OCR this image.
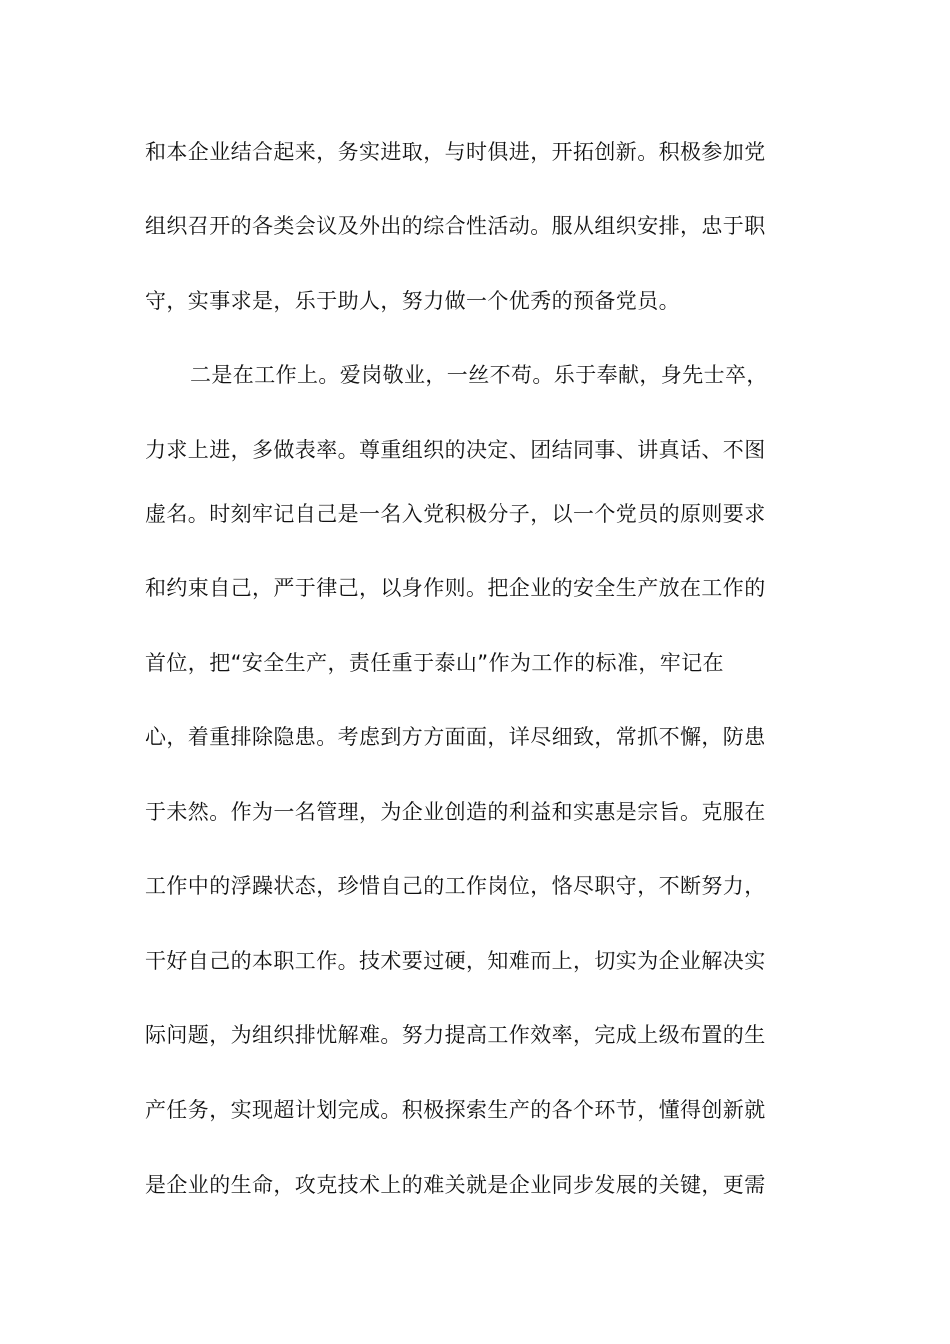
和本企业结合起来，务实进取，与时俱进，开拓创新。积极参加党
组织召开的各类会议及外出的综合性活动。服从组织安排，忠于职
守，实事求是，乐于助人，努力做一个优秀的预备党员。
二是在工作上。爱岗敬业，一丝不苟。乐于奉献，身先士卒，
力求上进，多做表率。尊重组织的决定、团结同事、讲真话、不图
虚名。时刻牢记自己是一名入党积极分子，以一个党员的原则要求
和约束自己，严于律己，以身作则。把企业的安全生产放在工作的
首位，把“安全生产，责任重于泰山”作为工作的标准，牢记在
心，着重排除隐患。考虑到方方面面，详尽细致，常抓不懈，防患
于未然。作为一名管理，为企业创造的利益和实惠是宗旨。克服在
工作中的浮躁状态，珍惜自己的工作岗位，恪尽职守，不断努力，
干好自己的本职工作。技术要过硬，知难而上，切实为企业解决实
际问题，为组织排忧解难。努力提高工作效率，完成上级布置的生
产任务，实现超计划完成。积极探索生产的各个环节，懂得创新就
是企业的生命，攻克技术上的难关就是企业同步发展的关键，更需
